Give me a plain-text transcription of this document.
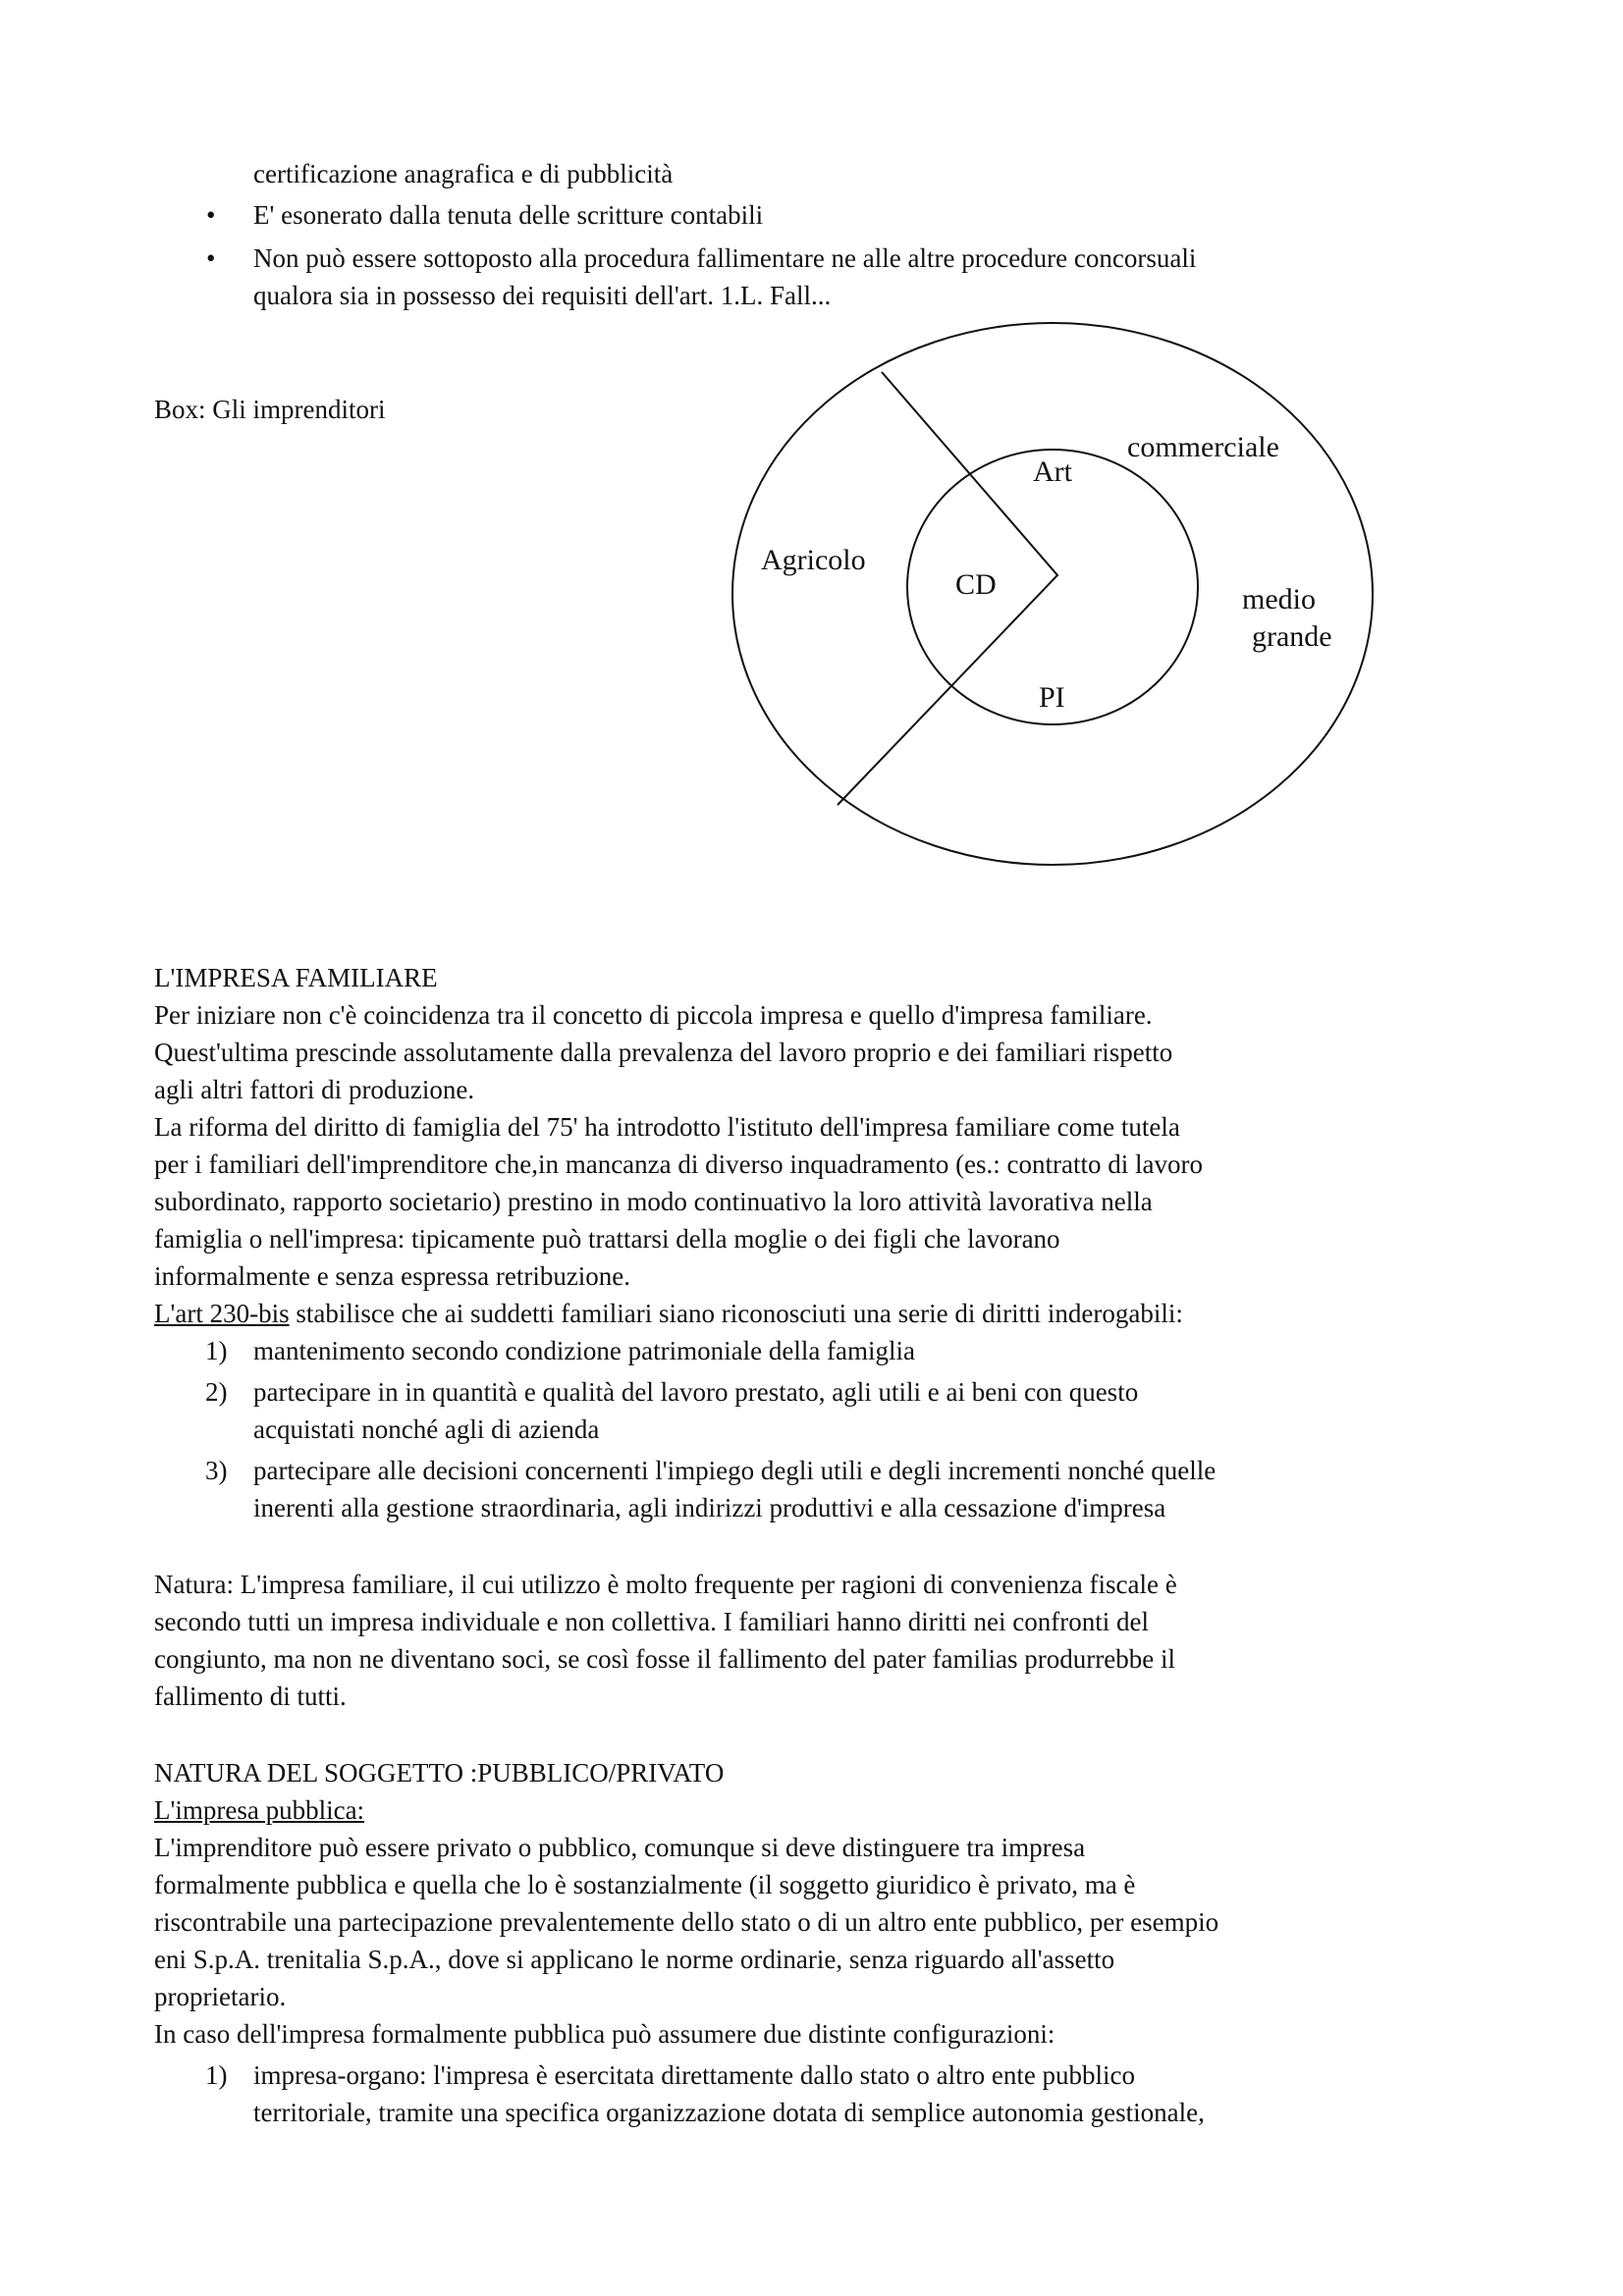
certificazione anagrafica e di pubblicità
• E' esonerato dalla tenuta delle scritture contabili
• Non può essere sottoposto alla procedura fallimentare ne alle altre procedure concorsuali
qualora sia in possesso dei requisiti dell'art. 1.L. Fall...
Box: Gli imprenditori
Agricolo
Art
commerciale
CD	medio
grande
PI
L'IMPRESA FAMILIARE
Per iniziare non c'è coincidenza tra il concetto di piccola impresa e quello d'impresa familiare.
Quest'ultima prescinde assolutamente dalla prevalenza del lavoro proprio e dei familiari rispetto
agli altri fattori di produzione.
La riforma del diritto di famiglia del 75' ha introdotto l'istituto dell'impresa familiare come tutela
per i familiari dell'imprenditore che,in mancanza di diverso inquadramento (es.: contratto di lavoro
subordinato, rapporto societario) prestino in modo continuativo la loro attività lavorativa nella
famiglia o nell'impresa: tipicamente può trattarsi della moglie o dei figli che lavorano
informalmente e senza espressa retribuzione.
L'art 230-bis stabilisce che ai suddetti familiari siano riconosciuti una serie di diritti inderogabili:
1) mantenimento secondo condizione patrimoniale della famiglia
2) partecipare in in quantità e qualità del lavoro prestato, agli utili e ai beni con questo
acquistati nonché agli di azienda
3) partecipare alle decisioni concernenti l'impiego degli utili e degli incrementi nonché quelle
inerenti alla gestione straordinaria, agli indirizzi produttivi e alla cessazione d'impresa
Natura: L'impresa familiare, il cui utilizzo è molto frequente per ragioni di convenienza fiscale è
secondo tutti un impresa individuale e non collettiva. I familiari hanno diritti nei confronti del
congiunto, ma non ne diventano soci, se così fosse il fallimento del pater familias produrrebbe il
fallimento di tutti.
NATURA DEL SOGGETTO :PUBBLICO/PRIVATO
L'impresa pubblica:
L'imprenditore può essere privato o pubblico, comunque si deve distinguere tra impresa
formalmente pubblica e quella che lo è sostanzialmente (il soggetto giuridico è privato, ma è
riscontrabile una partecipazione prevalentemente dello stato o di un altro ente pubblico, per esempio
eni S.p.A. trenitalia S.p.A., dove si applicano le norme ordinarie, senza riguardo all'assetto
proprietario.
In caso dell'impresa formalmente pubblica può assumere due distinte configurazioni:
1) impresa-organo: l'impresa è esercitata direttamente dallo stato o altro ente pubblico
territoriale, tramite una specifica organizzazione dotata di semplice autonomia gestionale,
